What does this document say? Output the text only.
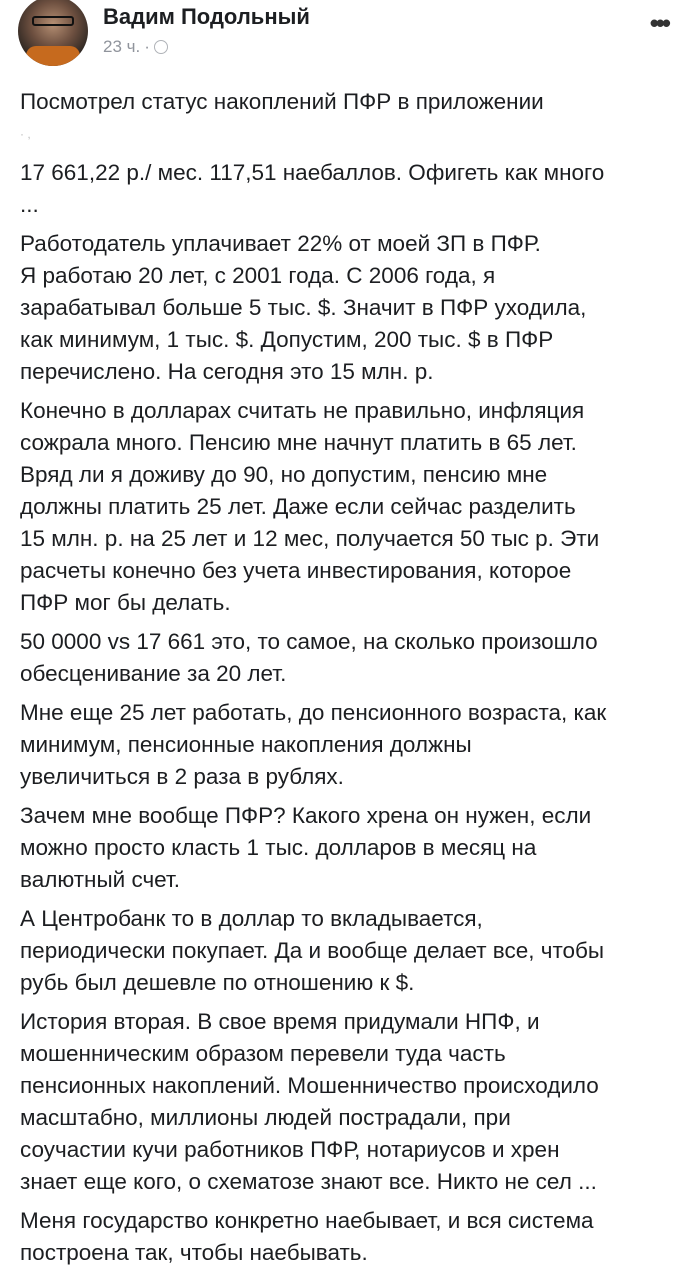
Вадим Подольный
23 ч. ·
•••
Посмотрел статус накоплений ПФР в приложении
· ,
17 661,22 р./ мес. 117,51 наебаллов. Офигеть как много
...
Работодатель уплачивает 22% от моей ЗП в ПФР.
Я работаю 20 лет, с 2001 года. С 2006 года, я
зарабатывал больше 5 тыс. $. Значит в ПФР уходила,
как минимум, 1 тыс. $. Допустим, 200 тыс. $ в ПФР
перечислено. На сегодня это 15 млн. р.
Конечно в долларах считать не правильно, инфляция
сожрала много. Пенсию мне начнут платить в 65 лет.
Вряд ли я доживу до 90, но допустим, пенсию мне
должны платить 25 лет. Даже если сейчас разделить
15 млн. р. на 25 лет и 12 мес, получается 50 тыс р. Эти
расчеты конечно без учета инвестирования, которое
ПФР мог бы делать.
50 0000 vs 17 661 это, то самое, на сколько произошло
обесценивание за 20 лет.
Мне еще 25 лет работать, до пенсионного возраста, как
минимум, пенсионные накопления должны
увеличиться в 2 раза в рублях.
Зачем мне вообще ПФР? Какого хрена он нужен, если
можно просто класть 1 тыс. долларов в месяц на
валютный счет.
А Центробанк то в доллар то вкладывается,
периодически покупает. Да и вообще делает все, чтобы
рубь был дешевле по отношению к $.
История вторая. В свое время придумали НПФ, и
мошенническим образом перевели туда часть
пенсионных накоплений. Мошенничество происходило
масштабно, миллионы людей пострадали, при
соучастии кучи работников ПФР, нотариусов и хрен
знает еще кого, о схематозе знают все. Никто не сел ...
Меня государство конкретно наебывает, и вся система
построена так, чтобы наебывать.
